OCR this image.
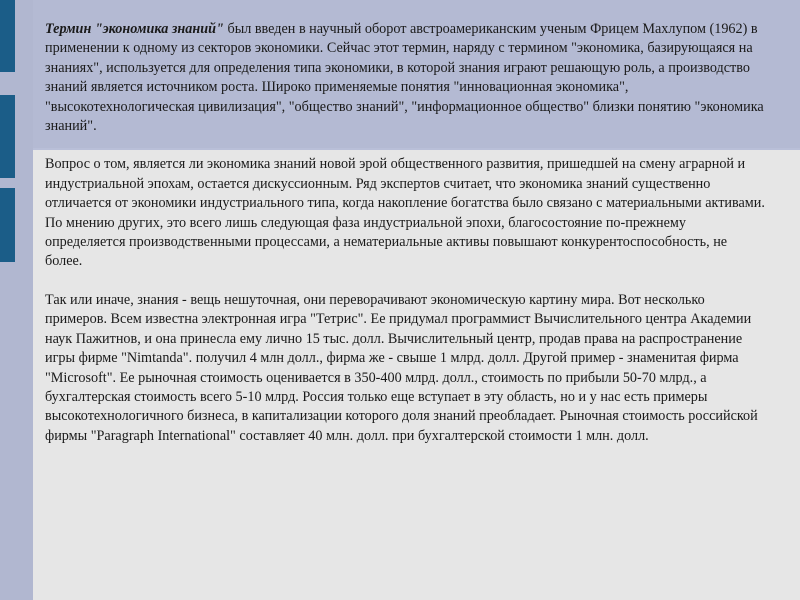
Термин "экономика знаний" был введен в научный оборот австроамериканским ученым Фрицем Махлупом (1962) в применении к одному из секторов экономики. Сейчас этот термин, наряду с термином "экономика, базирующаяся на знаниях", используется для определения типа экономики, в которой знания играют решающую роль, а производство знаний является источником роста. Широко применяемые понятия "инновационная экономика", "высокотехнологическая цивилизация", "общество знаний", "информационное общество" близки понятию "экономика знаний".

Вопрос о том, является ли экономика знаний новой эрой общественного развития, пришедшей на смену аграрной и индустриальной эпохам, остается дискуссионным. Ряд экспертов считает, что экономика знаний существенно отличается от экономики индустриального типа, когда накопление богатства было связано с материальными активами. По мнению других, это всего лишь следующая фаза индустриальной эпохи, благосостояние по-прежнему определяется производственными процессами, а нематериальные активы повышают конкурентоспособность, не более.

Так или иначе, знания - вещь нешуточная, они переворачивают экономическую картину мира. Вот несколько примеров. Всем известна электронная игра "Тетрис". Ее придумал программист Вычислительного центра Академии наук Пажитнов, и она принесла ему лично 15 тыс. долл. Вычислительный центр, продав права на распространение игры фирме "Nimtanda". получил 4 млн долл., фирма же - свыше 1 млрд. долл. Другой пример - знаменитая фирма "Microsoft". Ее рыночная стоимость оценивается в 350-400 млрд. долл., стоимость по прибыли 50-70 млрд., а бухгалтерская стоимость всего 5-10 млрд. Россия только еще вступает в эту область, но и у нас есть примеры высокотехнологичного бизнеса, в капитализации которого доля знаний преобладает. Рыночная стоимость российской фирмы "Paragraph International" составляет 40 млн. долл. при бухгалтерской стоимости 1 млн. долл.
